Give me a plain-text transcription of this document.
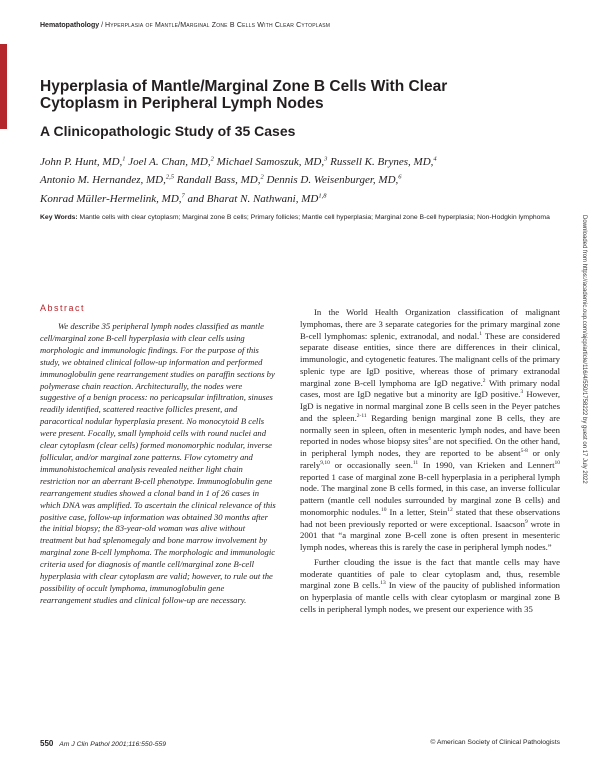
Hematopathology / Hyperplasia of Mantle/Marginal Zone B Cells With Clear Cytoplasm
Hyperplasia of Mantle/Marginal Zone B Cells With Clear Cytoplasm in Peripheral Lymph Nodes
A Clinicopathologic Study of 35 Cases
John P. Hunt, MD,$^1$ Joel A. Chan, MD,$^2$ Michael Samoszuk, MD,$^3$ Russell K. Brynes, MD,$^4$
Antonio M. Hernandez, MD,$^{2,5}$ Randall Bass, MD,$^2$ Dennis D. Weisenburger, MD,$^6$
Konrad Müller-Hermelink, MD,$^7$ and Bharat N. Nathwani, MD$^{1,8}$
Key Words: Mantle cells with clear cytoplasm; Marginal zone B cells; Primary follicles; Mantle cell hyperplasia; Marginal zone B-cell hyperplasia; Non-Hodgkin lymphoma	Downloaded from https://academic.oup.com/ajcp/article/116/4/550/1758222 by guest on 17 July 2022
Abstract

We describe 35 peripheral lymph nodes classified as mantle cell/marginal zone B-cell hyperplasia with clear cells using morphologic and immunologic findings. For the purpose of this study, we obtained clinical follow-up information and performed immunoglobulin gene rearrangement studies on paraffin sections by polymerase chain reaction. Architecturally, the nodes were suggestive of a benign process: no pericapsular infiltration, sinuses readily identified, scattered reactive follicles present, and paracortical nodular hyperplasia present. No monocytoid B cells were present. Focally, small lymphoid cells with round nuclei and clear cytoplasm (clear cells) formed monomorphic nodular, inverse follicular, and/or marginal zone patterns. Flow cytometry and immunohistochemical analysis revealed neither light chain restriction nor an aberrant B-cell phenotype. Immunoglobulin gene rearrangement studies showed a clonal band in 1 of 26 cases in which DNA was amplified. To ascertain the clinical relevance of this positive case, follow-up information was obtained 30 months after the initial biopsy; the 83-year-old woman was alive without treatment but had splenomegaly and bone marrow involvement by marginal zone B-cell lymphoma. The morphologic and immunologic criteria used for diagnosis of mantle cell/marginal zone B-cell hyperplasia with clear cytoplasm are valid; however, to rule out the possibility of occult lymphoma, immunoglobulin gene rearrangement studies and clinical follow-up are necessary.

In the World Health Organization classification of malignant lymphomas, there are 3 separate categories for the primary marginal zone B-cell lymphomas: splenic, extranodal, and nodal.$^1$ These are considered separate disease entities, since there are differences in their clinical, immunologic, and cytogenetic features. The malignant cells of the primary splenic type are IgD positive, whereas those of primary extranodal marginal zone B-cell lymphoma are IgD negative.$^2$ With primary nodal cases, most are IgD negative but a minority are IgD positive.$^3$ However, IgD is negative in normal marginal zone B cells seen in the Peyer patches and the spleen.$^{2-11}$ Regarding benign marginal zone B cells, they are normally seen in spleen, often in mesenteric lymph nodes, and have been reported in nodes whose biopsy sites$^4$ are not specified. On the other hand, in peripheral lymph nodes, they are reported to be absent$^{5-8}$ or only rarely$^{9,10}$ or occasionally seen.$^{11}$ In 1990, van Krieken and Lennert$^{10}$ reported 1 case of marginal zone B-cell hyperplasia in a peripheral lymph node. The marginal zone B cells formed, in this case, an inverse follicular pattern (mantle cell nodules surrounded by marginal zone B cells) and monomorphic nodules.$^{10}$ In a letter, Stein$^{12}$ stated that these observations had not been previously reported or were exceptional. Isaacson$^9$ wrote in 2001 that “a marginal zone B-cell zone is often present in mesenteric lymph nodes, whereas this is rarely the case in peripheral lymph nodes.”

Further clouding the issue is the fact that mantle cells may have moderate quantities of pale to clear cytoplasm and, thus, resemble marginal zone B cells.$^{13}$ In view of the paucity of published information on hyperplasia of mantle cells with clear cytoplasm or marginal zone B cells in peripheral lymph nodes, we present our experience with 35

550 Am J Clin Pathol 2001;116:550-559	© American Society of Clinical Pathologists
